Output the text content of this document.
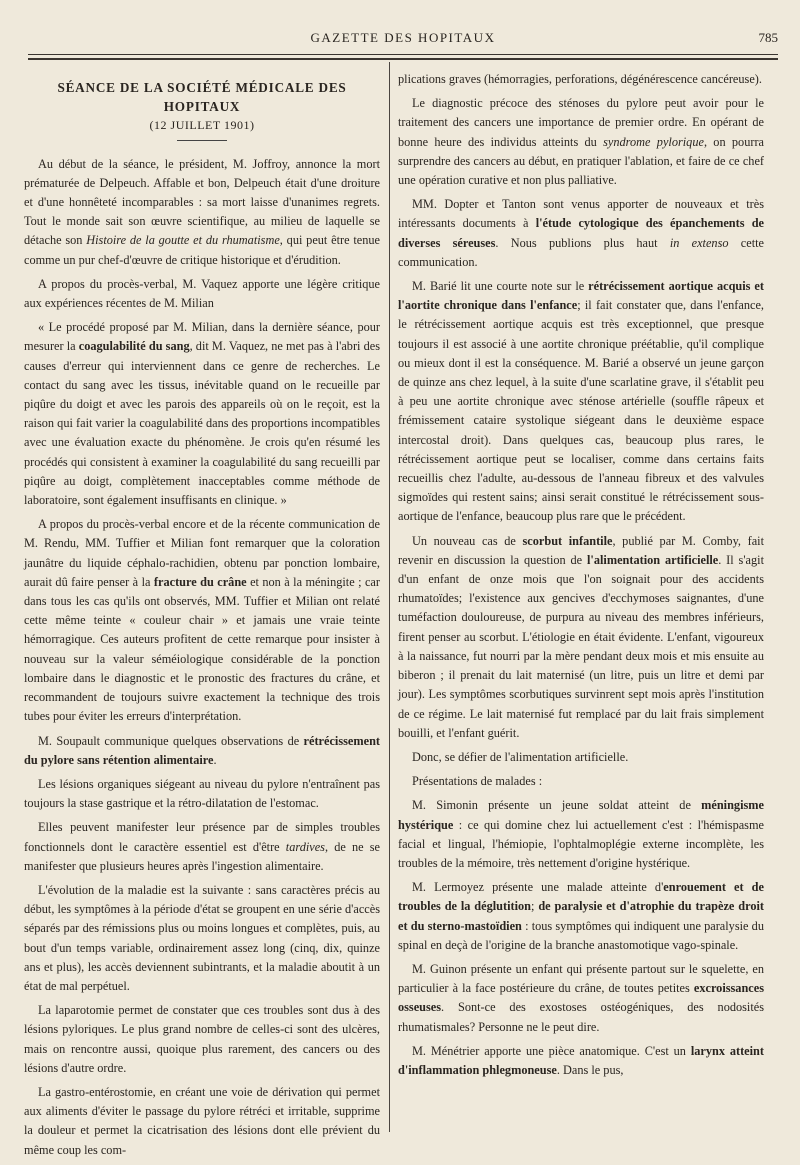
GAZETTE DES HOPITAUX	785
SÉANCE DE LA SOCIÉTÉ MÉDICALE DES HOPITAUX
(12 JUILLET 1901)

Au début de la séance, le président, M. Joffroy, annonce la mort prématurée de Delpeuch. Affable et bon, Delpeuch était d'une droiture et d'une honnêteté incomparables : sa mort laisse d'unanimes regrets. Tout le monde sait son œuvre scientifique, au milieu de laquelle se détache son Histoire de la goutte et du rhumatisme, qui peut être tenue comme un pur chef-d'œuvre de critique historique et d'érudition.

A propos du procès-verbal, M. Vaquez apporte une légère critique aux expériences récentes de M. Milian

« Le procédé proposé par M. Milian, dans la dernière séance, pour mesurer la coagulabilité du sang, dit M. Vaquez, ne met pas à l'abri des causes d'erreur qui interviennent dans ce genre de recherches. Le contact du sang avec les tissus, inévitable quand on le recueille par piqûre du doigt et avec les parois des appareils où on le reçoit, est la raison qui fait varier la coagulabilité dans des proportions incompatibles avec une évaluation exacte du phénomène. Je crois qu'en résumé les procédés qui consistent à examiner la coagulabilité du sang recueilli par piqûre au doigt, complètement inacceptables comme méthode de laboratoire, sont également insuffisants en clinique. »

A propos du procès-verbal encore et de la récente communication de M. Rendu, MM. Tuffier et Milian font remarquer que la coloration jaunâtre du liquide céphalo-rachidien, obtenu par ponction lombaire, aurait dû faire penser à la fracture du crâne et non à la méningite ; car dans tous les cas qu'ils ont observés, MM. Tuffier et Milian ont relaté cette même teinte « couleur chair » et jamais une vraie teinte hémorragique. Ces auteurs profitent de cette remarque pour insister à nouveau sur la valeur séméiologique considérable de la ponction lombaire dans le diagnostic et le pronostic des fractures du crâne, et recommandent de toujours suivre exactement la technique des trois tubes pour éviter les erreurs d'interprétation.

M. Soupault communique quelques observations de rétrécissement du pylore sans rétention alimentaire.

Les lésions organiques siégeant au niveau du pylore n'entraînent pas toujours la stase gastrique et la rétro-dilatation de l'estomac.

Elles peuvent manifester leur présence par de simples troubles fonctionnels dont le caractère essentiel est d'être tardives, de ne se manifester que plusieurs heures après l'ingestion alimentaire.

L'évolution de la maladie est la suivante : sans caractères précis au début, les symptômes à la période d'état se groupent en une série d'accès séparés par des rémissions plus ou moins longues et complètes, puis, au bout d'un temps variable, ordinairement assez long (cinq, dix, quinze ans et plus), les accès deviennent subintrants, et la maladie aboutit à un état de mal perpétuel.

La laparotomie permet de constater que ces troubles sont dus à des lésions pyloriques. Le plus grand nombre de celles-ci sont des ulcères, mais on rencontre aussi, quoique plus rarement, des cancers ou des lésions d'autre ordre.

La gastro-entérostomie, en créant une voie de dérivation qui permet aux aliments d'éviter le passage du pylore rétréci et irritable, supprime la douleur et permet la cicatrisation des lésions dont elle prévient du même coup les com-

plications graves (hémorragies, perforations, dégénérescence cancéreuse).

Le diagnostic précoce des sténoses du pylore peut avoir pour le traitement des cancers une importance de premier ordre. En opérant de bonne heure des individus atteints du syndrome pylorique, on pourra surprendre des cancers au début, en pratiquer l'ablation, et faire de ce chef une opération curative et non plus palliative.

MM. Dopter et Tanton sont venus apporter de nouveaux et très intéressants documents à l'étude cytologique des épanchements de diverses séreuses. Nous publions plus haut in extenso cette communication.

M. Barié lit une courte note sur le rétrécissement aortique acquis et l'aortite chronique dans l'enfance; il fait constater que, dans l'enfance, le rétrécissement aortique acquis est très exceptionnel, que presque toujours il est associé à une aortite chronique préétablie, qu'il complique ou mieux dont il est la conséquence. M. Barié a observé un jeune garçon de quinze ans chez lequel, à la suite d'une scarlatine grave, il s'établit peu à peu une aortite chronique avec sténose artérielle (souffle râpeux et frémissement cataire systolique siégeant dans le deuxième espace intercostal droit). Dans quelques cas, beaucoup plus rares, le rétrécissement aortique peut se localiser, comme dans certains faits recueillis chez l'adulte, au-dessous de l'anneau fibreux et des valvules sigmoïdes qui restent sains; ainsi serait constitué le rétrécissement sous-aortique de l'enfance, beaucoup plus rare que le précédent.

Un nouveau cas de scorbut infantile, publié par M. Comby, fait revenir en discussion la question de l'alimentation artificielle. Il s'agit d'un enfant de onze mois que l'on soignait pour des accidents rhumatoïdes; l'existence aux gencives d'ecchymoses saignantes, d'une tuméfaction douloureuse, de purpura au niveau des membres inférieurs, firent penser au scorbut. L'étiologie en était évidente. L'enfant, vigoureux à la naissance, fut nourri par la mère pendant deux mois et mis ensuite au biberon ; il prenait du lait maternisé (un litre, puis un litre et demi par jour). Les symptômes scorbutiques survinrent sept mois après l'institution de ce régime. Le lait maternisé fut remplacé par du lait frais simplement bouilli, et l'enfant guérit.

Donc, se défier de l'alimentation artificielle.

Présentations de malades :

M. Simonin présente un jeune soldat atteint de méningisme hystérique : ce qui domine chez lui actuellement c'est : l'hémispasme facial et lingual, l'hémiopie, l'ophtalmoplégie externe incomplète, les troubles de la mémoire, très nettement d'origine hystérique.

M. Lermoyez présente une malade atteinte d'enrouement et de troubles de la déglutition; de paralysie et d'atrophie du trapèze droit et du sterno-mastoïdien : tous symptômes qui indiquent une paralysie du spinal en deçà de l'origine de la branche anastomotique vago-spinale.

M. Guinon présente un enfant qui présente partout sur le squelette, en particulier à la face postérieure du crâne, de toutes petites excroissances osseuses. Sont-ce des exostoses ostéogéniques, des nodosités rhumatismales? Personne ne le peut dire.

M. Ménétrier apporte une pièce anatomique. C'est un larynx atteint d'inflammation phlegmoneuse. Dans le pus,
